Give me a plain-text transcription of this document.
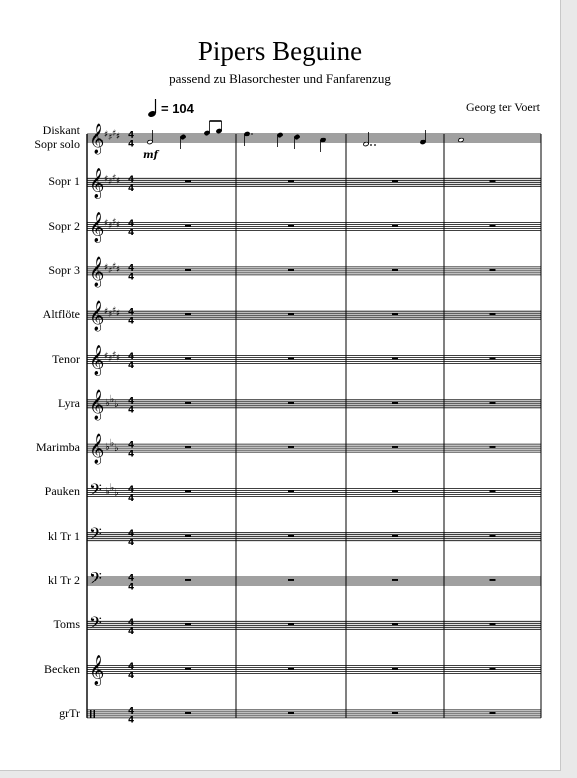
Pipers Beguine
passend zu Blasorchester und Fanfarenzug
Georg ter Voert
= 104
𝄞 ♯ ♯ ♯ ♯ 4
4
mf
𝄞 ♯ ♯ ♯ ♯ 4
4
𝄞 ♯ ♯ ♯ ♯ 4
4
𝄞 ♯ ♯ ♯ ♯ 4
4
𝄞 ♯ ♯ ♯ ♯ 4
4
𝄞 ♯ ♯ ♯ ♯ 4
4
𝄞 ♭ ♭ ♭ 4
4
𝄞 ♭ ♭ ♭ 4
4
𝄢 ♭ ♭ ♭ 4
4
𝄢	4
4
𝄢	4
4
𝄢	4
4
𝄞	4
4
4
4
Diskant
Sopr solo
Sopr 1
Sopr 2
Sopr 3
Altflöte
Tenor
Lyra
Marimba
Pauken
kl Tr 1
kl Tr 2
Toms
Becken
grTr
